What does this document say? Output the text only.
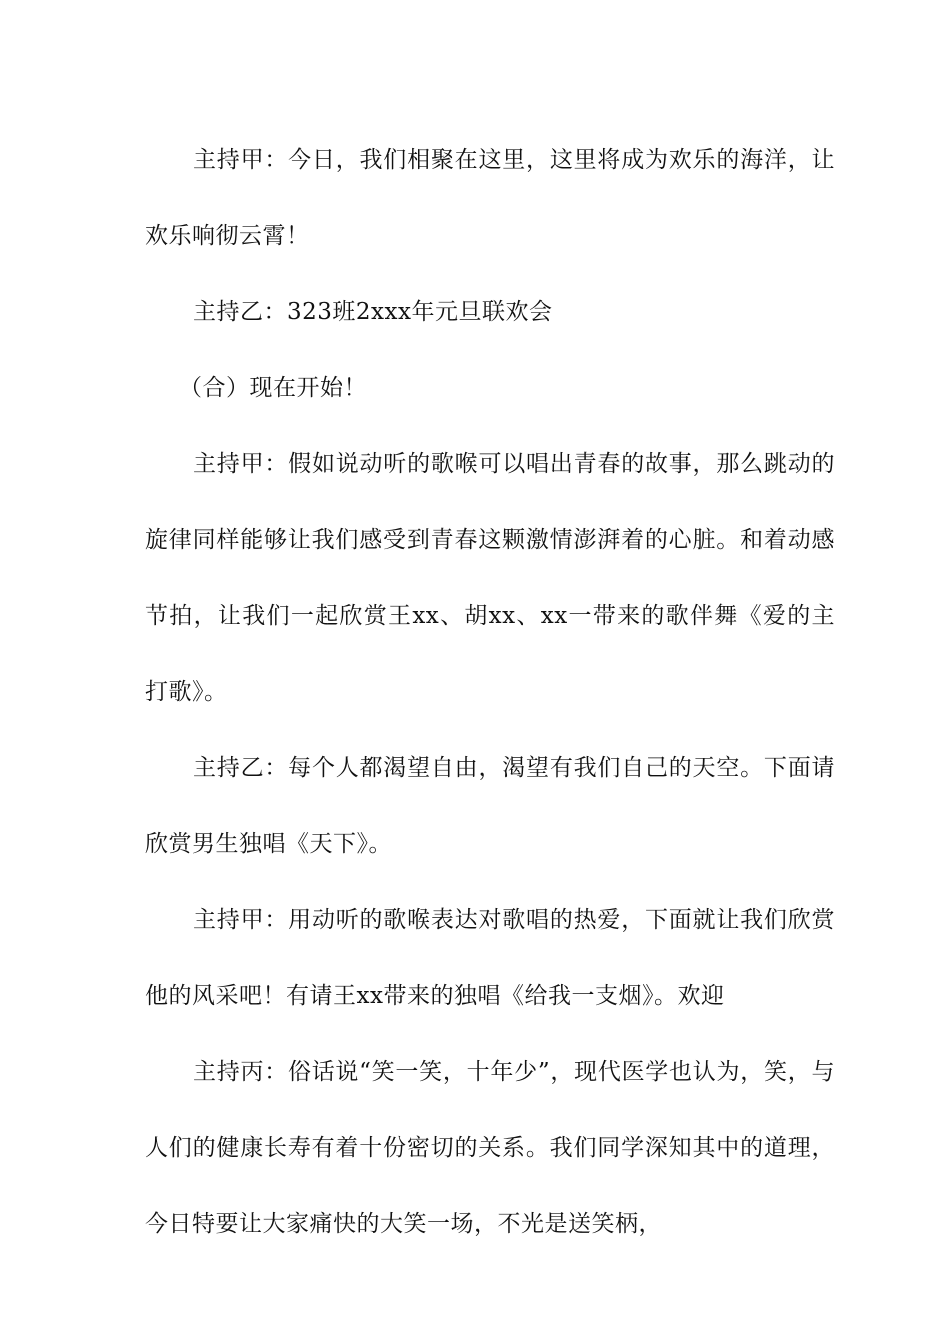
主持甲：今日，我们相聚在这里，这里将成为欢乐的海洋，让欢乐响彻云霄！

主持乙：323班2xxx年元旦联欢会

（合）现在开始！

主持甲：假如说动听的歌喉可以唱出青春的故事，那么跳动的旋律同样能够让我们感受到青春这颗激情澎湃着的心脏。和着动感节拍，让我们一起欣赏王xx、胡xx、xx一带来的歌伴舞《爱的主打歌》。

主持乙：每个人都渴望自由，渴望有我们自己的天空。下面请欣赏男生独唱《天下》。

主持甲：用动听的歌喉表达对歌唱的热爱，下面就让我们欣赏他的风采吧！有请王xx带来的独唱《给我一支烟》。欢迎

主持丙：俗话说“笑一笑，十年少”，现代医学也认为，笑，与人们的健康长寿有着十份密切的关系。我们同学深知其中的道理，今日特要让大家痛快的大笑一场，不光是送笑柄，
